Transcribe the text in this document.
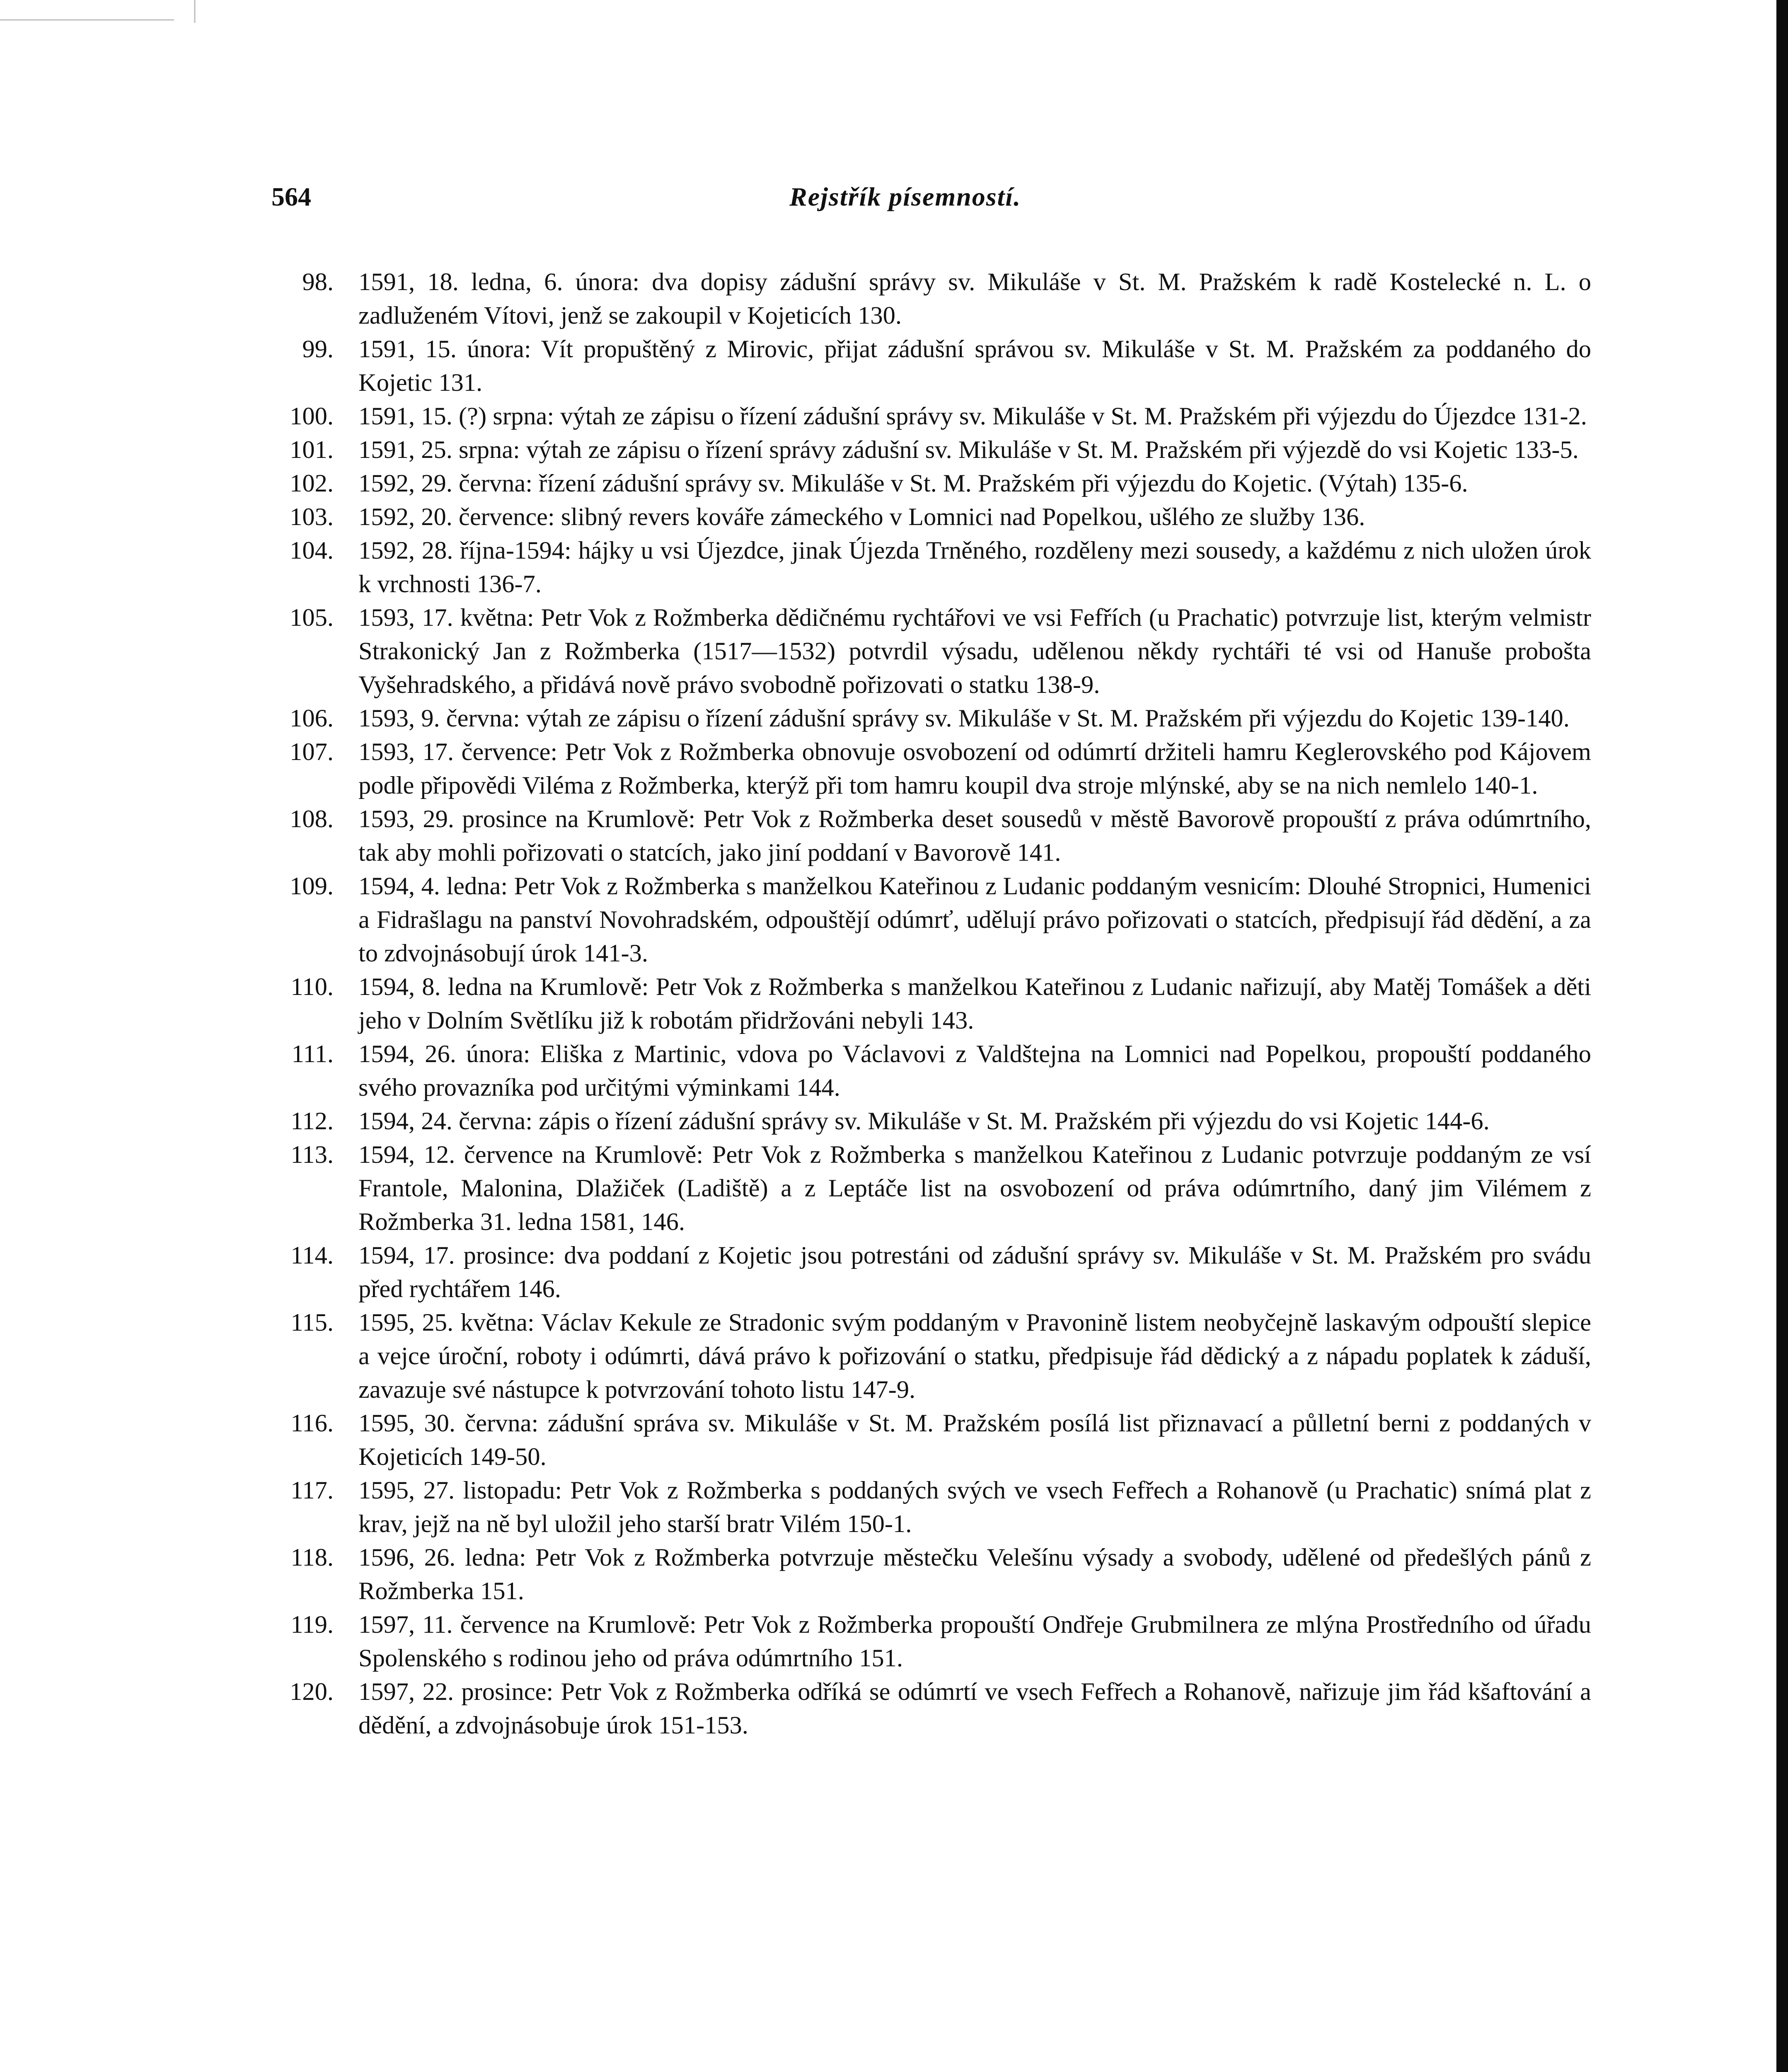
564	Rejstřík písemností.
98. 1591, 18. ledna, 6. února: dva dopisy zádušní správy sv. Mikuláše v St. M. Pražském k radě Kostelecké n. L. o zadluženém Vítovi, jenž se zakoupil v Kojeticích 130.
99. 1591, 15. února: Vít propuštěný z Mirovic, přijat zádušní správou sv. Mikuláše v St. M. Pražském za poddaného do Kojetic 131.
100. 1591, 15. (?) srpna: výtah ze zápisu o řízení zádušní správy sv. Mikuláše v St. M. Pražském při výjezdu do Újezdce 131-2.
101. 1591, 25. srpna: výtah ze zápisu o řízení správy zádušní sv. Mikuláše v St. M. Pražském při výjezdě do vsi Kojetic 133-5.
102. 1592, 29. června: řízení zádušní správy sv. Mikuláše v St. M. Pražském při výjezdu do Kojetic. (Výtah) 135-6.
103. 1592, 20. července: slibný revers kováře zámeckého v Lomnici nad Popelkou, ušlého ze služby 136.
104. 1592, 28. října-1594: hájky u vsi Újezdce, jinak Újezda Trněného, rozděleny mezi sousedy, a každému z nich uložen úrok k vrchnosti 136-7.
105. 1593, 17. května: Petr Vok z Rožmberka dědičnému rychtářovi ve vsi Fefřích (u Prachatic) potvrzuje list, kterým velmistr Strakonický Jan z Rožmberka (1517—1532) potvrdil výsadu, udělenou někdy rychtáři té vsi od Hanuše probošta Vyšehradského, a přidává nově právo svobodně pořizovati o statku 138-9.
106. 1593, 9. června: výtah ze zápisu o řízení zádušní správy sv. Mikuláše v St. M. Pražském při výjezdu do Kojetic 139-140.
107. 1593, 17. července: Petr Vok z Rožmberka obnovuje osvobození od odúmrtí držiteli hamru Keglerovského pod Kájovem podle připovědi Viléma z Rožmberka, kterýž při tom hamru koupil dva stroje mlýnské, aby se na nich nemlelo 140-1.
108. 1593, 29. prosince na Krumlově: Petr Vok z Rožmberka deset sousedů v městě Bavorově propouští z práva odúmrtního, tak aby mohli pořizovati o statcích, jako jiní poddaní v Bavorově 141.
109. 1594, 4. ledna: Petr Vok z Rožmberka s manželkou Kateřinou z Ludanic poddaným vesnicím: Dlouhé Stropnici, Humenici a Fidrašlagu na panství Novohradském, odpouštějí odúmrť, udělují právo pořizovati o statcích, předpisují řád dědění, a za to zdvojnásobují úrok 141-3.
110. 1594, 8. ledna na Krumlově: Petr Vok z Rožmberka s manželkou Kateřinou z Ludanic nařizují, aby Matěj Tomášek a děti jeho v Dolním Světlíku již k robotám přidržováni nebyli 143.
111. 1594, 26. února: Eliška z Martinic, vdova po Václavovi z Valdštejna na Lomnici nad Popelkou, propouští poddaného svého provazníka pod určitými výminkami 144.
112. 1594, 24. června: zápis o řízení zádušní správy sv. Mikuláše v St. M. Pražském při výjezdu do vsi Kojetic 144-6.
113. 1594, 12. července na Krumlově: Petr Vok z Rožmberka s manželkou Kateřinou z Ludanic potvrzuje poddaným ze vsí Frantole, Malonina, Dlažiček (Ladiště) a z Leptáče list na osvobození od práva odúmrtního, daný jim Vilémem z Rožmberka 31. ledna 1581, 146.
114. 1594, 17. prosince: dva poddaní z Kojetic jsou potrestáni od zádušní správy sv. Mikuláše v St. M. Pražském pro svádu před rychtářem 146.
115. 1595, 25. května: Václav Kekule ze Stradonic svým poddaným v Pravonině listem neobyčejně laskavým odpouští slepice a vejce úroční, roboty i odúmrti, dává právo k pořizování o statku, předpisuje řád dědický a z nápadu poplatek k záduší, zavazuje své nástupce k potvrzování tohoto listu 147-9.
116. 1595, 30. června: zádušní správa sv. Mikuláše v St. M. Pražském posílá list přiznavací a půlletní berni z poddaných v Kojeticích 149-50.
117. 1595, 27. listopadu: Petr Vok z Rožmberka s poddaných svých ve vsech Fefřech a Rohanově (u Prachatic) snímá plat z krav, jejž na ně byl uložil jeho starší bratr Vilém 150-1.
118. 1596, 26. ledna: Petr Vok z Rožmberka potvrzuje městečku Velešínu výsady a svobody, udělené od předešlých pánů z Rožmberka 151.
119. 1597, 11. července na Krumlově: Petr Vok z Rožmberka propouští Ondřeje Grubmilnera ze mlýna Prostředního od úřadu Spolenského s rodinou jeho od práva odúmrtního 151.
120. 1597, 22. prosince: Petr Vok z Rožmberka odříká se odúmrtí ve vsech Fefřech a Rohanově, nařizuje jim řád kšaftování a dědění, a zdvojnásobuje úrok 151-153.
